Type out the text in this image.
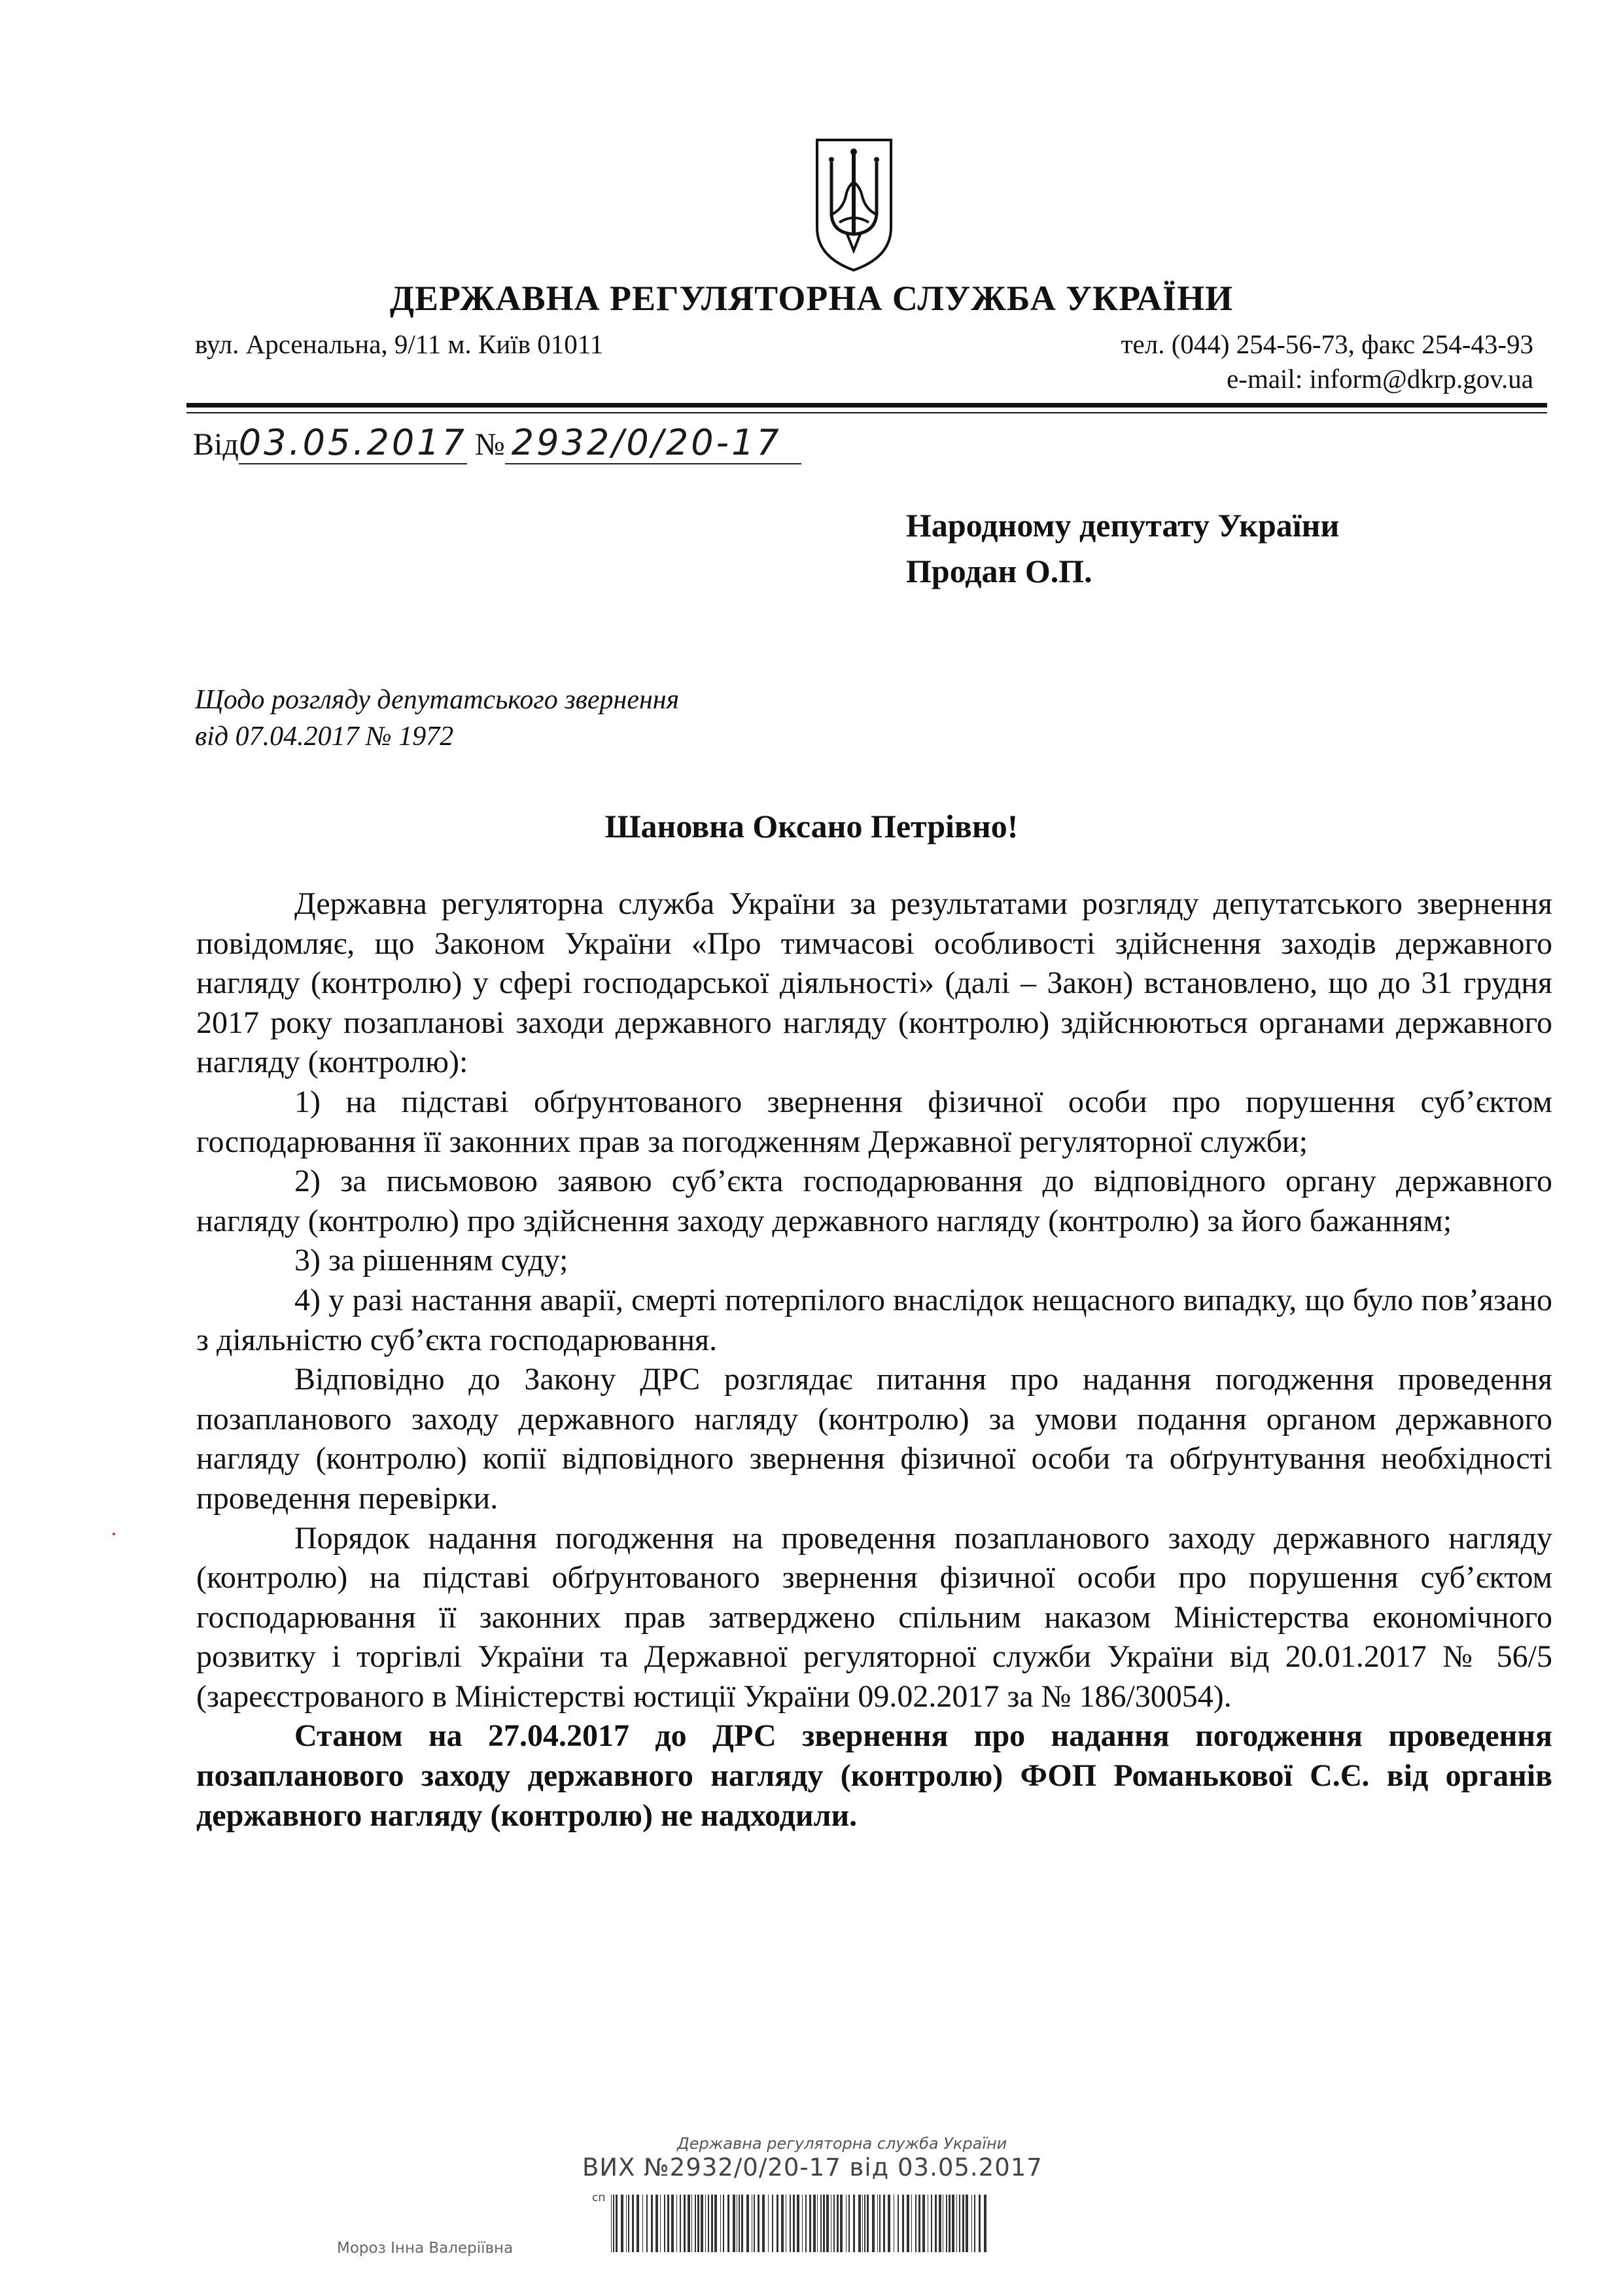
ДЕРЖАВНА РЕГУЛЯТОРНА СЛУЖБА УКРАЇНИ
вул. Арсенальна, 9/11 м. Київ 01011	тел. (044) 254-56-73, факс 254-43-93
e-mail: inform@dkrp.gov.ua
Від03.05.2017 № 2932/0/20-17
Народному депутату України
Продан О.П.
Щодо розгляду депутатського звернення
від 07.04.2017 № 1972
Шановна Оксано Петрівно!

Державна регуляторна служба України за результатами розгляду депутатського звернення повідомляє, що Законом України «Про тимчасові особливості здійснення заходів державного нагляду (контролю) у сфері господарської діяльності» (далі – Закон) встановлено, що до 31 грудня 2017 року позапланові заходи державного нагляду (контролю) здійснюються органами державного нагляду (контролю):

1) на підставі обґрунтованого звернення фізичної особи про порушення суб’єктом господарювання її законних прав за погодженням Державної регуляторної служби;

2) за письмовою заявою суб’єкта господарювання до відповідного органу державного нагляду (контролю) про здійснення заходу державного нагляду (контролю) за його бажанням;

3) за рішенням суду;

4) у разі настання аварії, смерті потерпілого внаслідок нещасного випадку, що було пов’язано з діяльністю суб’єкта господарювання.

Відповідно до Закону ДРС розглядає питання про надання погодження проведення позапланового заходу державного нагляду (контролю) за умови подання органом державного нагляду (контролю) копії відповідного звернення фізичної особи та обґрунтування необхідності проведення перевірки.

Порядок надання погодження на проведення позапланового заходу державного нагляду (контролю) на підставі обґрунтованого звернення фізичної особи про порушення суб’єктом господарювання її законних прав затверджено спільним наказом Міністерства економічного розвитку і торгівлі України та Державної регуляторної служби України від 20.01.2017 № 56/5 (зареєстрованого в Міністерстві юстиції України 09.02.2017 за № 186/30054).

Станом на 27.04.2017 до ДРС звернення про надання погодження проведення позапланового заходу державного нагляду (контролю) ФОП Романькової С.Є. від органів державного нагляду (контролю) не надходили.

Державна регуляторна служба України
ВИХ №2932/0/20-17 від 03.05.2017
сп
Мороз Інна Валеріївна
